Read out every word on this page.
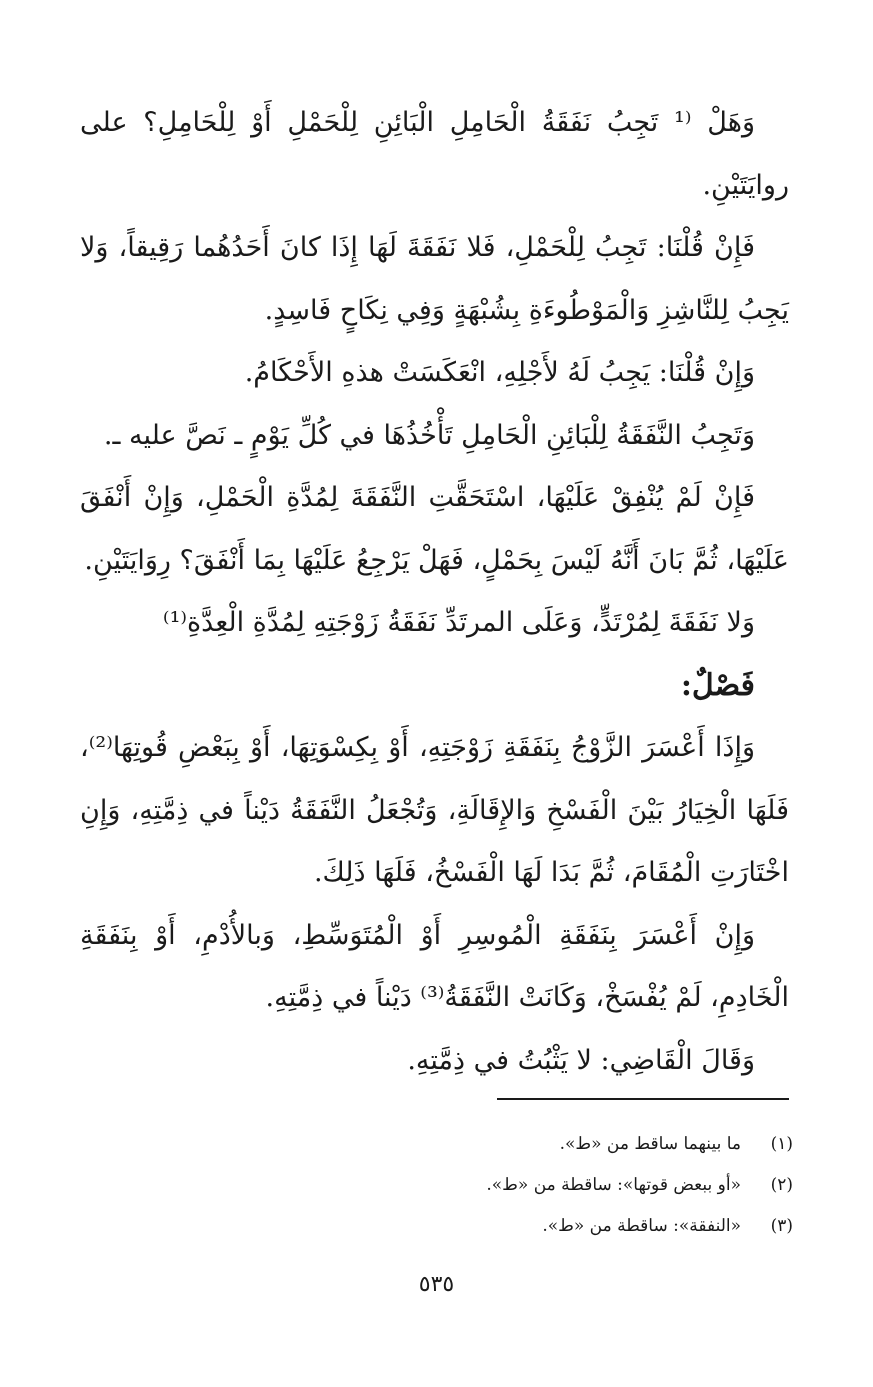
وَهَلْ ⁽¹ تَجِبُ نَفَقَةُ الْحَامِلِ الْبَائِنِ لِلْحَمْلِ أَوْ لِلْحَامِلِ؟ على روايَتَيْنِ.

فَإِنْ قُلْنَا: تَجِبُ لِلْحَمْلِ، فَلا نَفَقَةَ لَهَا إِذَا كانَ أَحَدُهُما رَقِيقاً، وَلا يَجِبُ لِلنَّاشِزِ وَالْمَوْطُوءَةِ بِشُبْهَةٍ وَفِي نِكَاحٍ فَاسِدٍ.

وَإِنْ قُلْنَا: يَجِبُ لَهُ لأَجْلِهِ، انْعَكَسَتْ هذهِ الأَحْكَامُ.

وَتَجِبُ النَّفَقَةُ لِلْبَائِنِ الْحَامِلِ تَأْخُذُهَا في كُلِّ يَوْمٍ ـ نَصَّ عليه ـ.

فَإِنْ لَمْ يُنْفِقْ عَلَيْهَا، اسْتَحَقَّتِ النَّفَقَةَ لِمُدَّةِ الْحَمْلِ، وَإِنْ أَنْفَقَ عَلَيْهَا، ثُمَّ بَانَ أَنَّهُ لَيْسَ بِحَمْلٍ، فَهَلْ يَرْجِعُ عَلَيْهَا بِمَا أَنْفَقَ؟ رِوَايَتَيْنِ.

وَلا نَفَقَةَ لِمُرْتَدٍّ، وَعَلَى المرتَدِّ نَفَقَةُ زَوْجَتِهِ لِمُدَّةِ الْعِدَّةِ⁽¹⁾

فَصْلٌ:

وَإِذَا أَعْسَرَ الزَّوْجُ بِنَفَقَةِ زَوْجَتِهِ، أَوْ بِكِسْوَتِهَا، أَوْ بِبَعْضِ قُوتِهَا⁽²⁾، فَلَهَا الْخِيَارُ بَيْنَ الْفَسْخِ وَالإِقَالَةِ، وَتُجْعَلُ النَّفَقَةُ دَيْناً في ذِمَّتِهِ، وَإِنِ اخْتَارَتِ الْمُقَامَ، ثُمَّ بَدَا لَهَا الْفَسْخُ، فَلَهَا ذَلِكَ.

وَإِنْ أَعْسَرَ بِنَفَقَةِ الْمُوسِرِ أَوْ الْمُتَوَسِّطِ، وَبالأُدْمِ، أَوْ بِنَفَقَةِ الْخَادِمِ، لَمْ يُفْسَخْ، وَكَانَتْ النَّفَقَةُ⁽³⁾ دَيْناً في ذِمَّتِهِ.

وَقَالَ الْقَاضِي: لا يَثْبُتُ في ذِمَّتِهِ.

(١)ما بينهما ساقط من «ط».
(٢)«أو ببعض قوتها»: ساقطة من «ط».
(٣)«النفقة»: ساقطة من «ط».
٥٣٥
